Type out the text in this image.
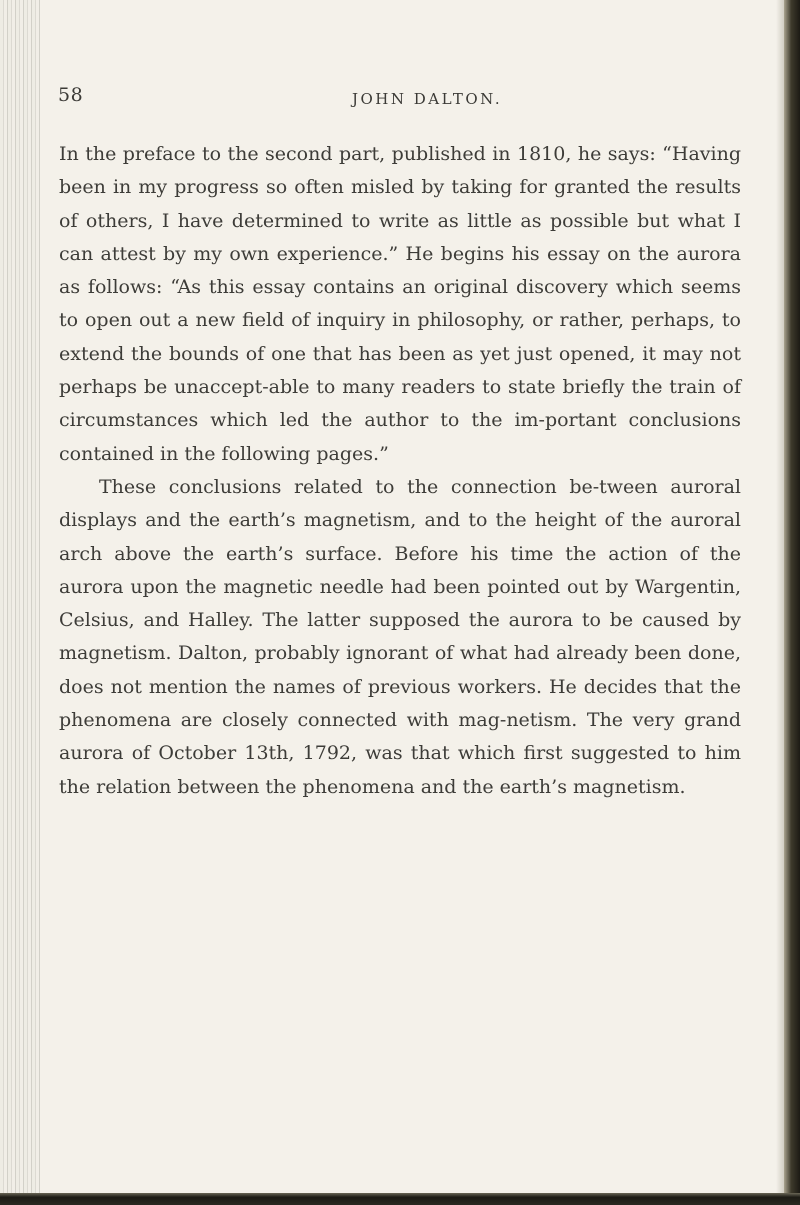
58	JOHN DALTON.

In the preface to the second part, published in 1810, he says: “Having been in my progress so often misled by taking for granted the results of others, I have determined to write as little as possible but what I can attest by my own experience.” He begins his essay on the aurora as follows: “As this essay contains an original discovery which seems to open out a new field of inquiry in philosophy, or rather, perhaps, to extend the bounds of one that has been as yet just opened, it may not perhaps be unaccept-able to many readers to state briefly the train of circumstances which led the author to the im-portant conclusions contained in the following pages.”

These conclusions related to the connection be-tween auroral displays and the earth’s magnetism, and to the height of the auroral arch above the earth’s surface. Before his time the action of the aurora upon the magnetic needle had been pointed out by Wargentin, Celsius, and Halley. The latter supposed the aurora to be caused by magnetism. Dalton, probably ignorant of what had already been done, does not mention the names of previous workers. He decides that the phenomena are closely connected with mag-netism. The very grand aurora of October 13th, 1792, was that which first suggested to him the relation between the phenomena and the earth’s magnetism.
